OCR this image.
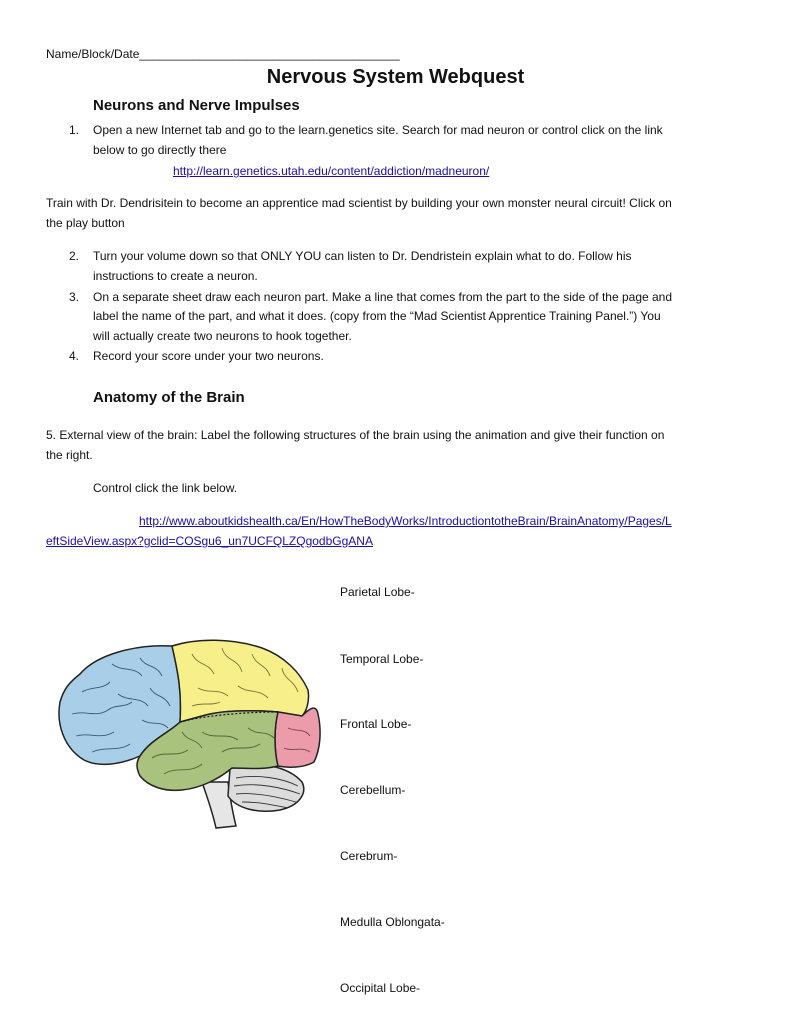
Name/Block/Date_______________________________________
Nervous System Webquest
Neurons and Nerve Impulses
1. Open a new Internet tab and go to the learn.genetics site. Search for mad neuron or control click on the link
below to go directly there
http://learn.genetics.utah.edu/content/addiction/madneuron/
Train with Dr. Dendrisitein to become an apprentice mad scientist by building your own monster neural circuit! Click on
the play button
2. Turn your volume down so that ONLY YOU can listen to Dr. Dendristein explain what to do. Follow his
instructions to create a neuron.
3. On a separate sheet draw each neuron part. Make a line that comes from the part to the side of the page and
label the name of the part, and what it does. (copy from the “Mad Scientist Apprentice Training Panel.”) You
will actually create two neurons to hook together.
4. Record your score under your two neurons.
Anatomy of the Brain
5. External view of the brain: Label the following structures of the brain using the animation and give their function on
the right.
Control click the link below.
http://www.aboutkidshealth.ca/En/HowTheBodyWorks/IntroductiontotheBrain/BrainAnatomy/Pages/L
eftSideView.aspx?gclid=COSgu6_un7UCFQLZQgodbGgANA
Parietal Lobe-
Temporal Lobe-
Frontal Lobe-
Cerebellum-
Cerebrum-
Medulla Oblongata-
Occipital Lobe-
